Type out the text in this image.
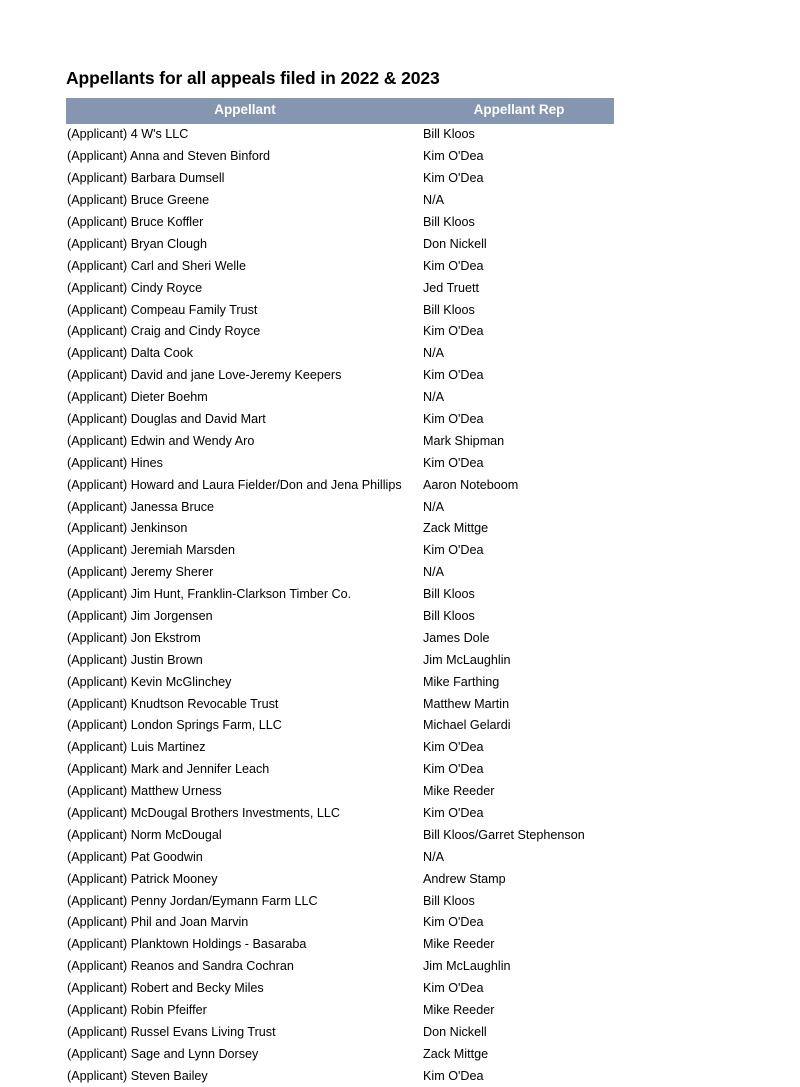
Appellants for all appeals filed in 2022 & 2023
Appellant	Appellant Rep
(Applicant) 4 W's LLC	Bill Kloos

(Applicant) Anna and Steven Binford	Kim O'Dea

(Applicant) Barbara Dumsell	Kim O'Dea

(Applicant) Bruce Greene	N/A

(Applicant) Bruce Koffler	Bill Kloos

(Applicant) Bryan Clough	Don Nickell

(Applicant) Carl and Sheri Welle	Kim O'Dea

(Applicant) Cindy Royce	Jed Truett

(Applicant) Compeau Family Trust	Bill Kloos

(Applicant) Craig and Cindy Royce	Kim O'Dea

(Applicant) Dalta Cook	N/A

(Applicant) David and jane Love-Jeremy Keepers	Kim O'Dea

(Applicant) Dieter Boehm	N/A

(Applicant) Douglas and David Mart	Kim O'Dea

(Applicant) Edwin and Wendy Aro	Mark Shipman

(Applicant) Hines	Kim O'Dea

(Applicant) Howard and Laura Fielder/Don and Jena Phillips	Aaron Noteboom

(Applicant) Janessa Bruce	N/A

(Applicant) Jenkinson	Zack Mittge

(Applicant) Jeremiah Marsden	Kim O'Dea

(Applicant) Jeremy Sherer	N/A

(Applicant) Jim Hunt, Franklin-Clarkson Timber Co.	Bill Kloos

(Applicant) Jim Jorgensen	Bill Kloos

(Applicant) Jon Ekstrom	James Dole

(Applicant) Justin Brown	Jim McLaughlin

(Applicant) Kevin McGlinchey	Mike Farthing

(Applicant) Knudtson Revocable Trust	Matthew Martin

(Applicant) London Springs Farm, LLC	Michael Gelardi

(Applicant) Luis Martinez	Kim O'Dea

(Applicant) Mark and Jennifer Leach	Kim O'Dea

(Applicant) Matthew Urness	Mike Reeder

(Applicant) McDougal Brothers Investments, LLC	Kim O'Dea

(Applicant) Norm McDougal	Bill Kloos/Garret Stephenson

(Applicant) Pat Goodwin	N/A

(Applicant) Patrick Mooney	Andrew Stamp

(Applicant) Penny Jordan/Eymann Farm LLC	Bill Kloos

(Applicant) Phil and Joan Marvin	Kim O'Dea

(Applicant) Planktown Holdings - Basaraba	Mike Reeder

(Applicant) Reanos and Sandra Cochran	Jim McLaughlin

(Applicant) Robert and Becky Miles	Kim O'Dea

(Applicant) Robin Pfeiffer	Mike Reeder

(Applicant) Russel Evans Living Trust	Don Nickell

(Applicant) Sage and Lynn Dorsey	Zack Mittge

(Applicant) Steven Bailey	Kim O'Dea
